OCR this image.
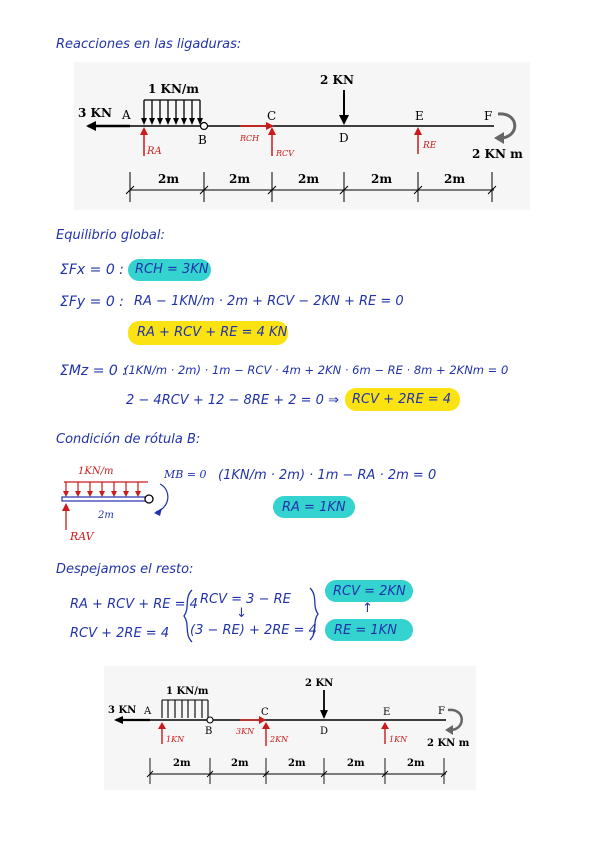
Reacciones en las ligaduras:
3 KN A
1 KN/m
B
RA
C
RCH
RCV
2 KN
D
E
RE
F
2 KN m
2m	2m	2m	2m	2m
Equilibrio global:
ΣFx = 0 : RCH = 3KN
ΣFy = 0 : RA − 1KN/m · 2m + RCV − 2KN + RE = 0
RA + RCV + RE = 4 KN
ΣMz = 0 :
(1KN/m · 2m) · 1m − RCV · 4m + 2KN · 6m − RE · 8m + 2KNm = 0
2 − 4RCV + 12 − 8RE + 2 = 0 ⇒ RCV + 2RE = 4
Condición de rótula B:
1KN/m	MB = 0
2m
RAV
(1KN/m · 2m) · 1m − RA · 2m = 0
RA = 1KN
Despejamos el resto:
RA + RCV + RE = 4
RCV + 2RE = 4
RCV = 3 − RE
↓
(3 − RE) + 2RE = 4
RCV = 2KN
↑
RE = 1KN
3 KN A
1 KN/m
B
1KN
C
3KN
2KN
2 KN
D
E
1KN
F
2 KN m
2m	2m	2m	2m	2m
